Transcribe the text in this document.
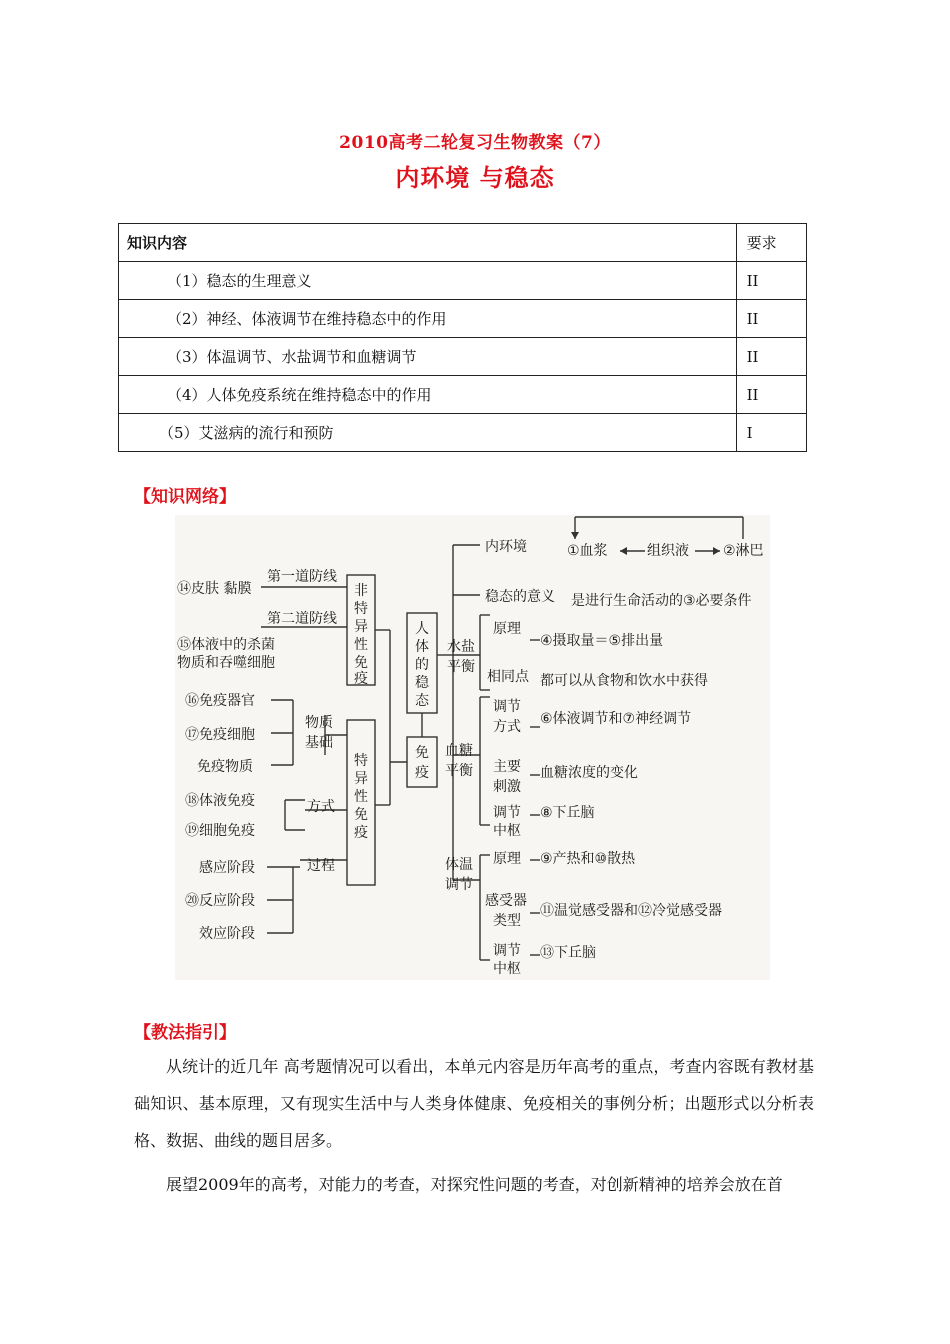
2010高考二轮复习生物教案（7）
内环境 与稳态
知识内容	要求
（1）稳态的生理意义	II
（2）神经、体液调节在维持稳态中的作用	II
（3）体温调节、水盐调节和血糖调节	II
（4）人体免疫系统在维持稳态中的作用	II
（5）艾滋病的流行和预防	I
【知识网络】
人
体
的
稳
态
免
疫
非
特
异
性
免
疫
特
异
性
免
疫
第一道防线
⑭皮肤 黏膜
第二道防线
⑮体液中的杀菌
物质和吞噬细胞
物质
基础
⑯免疫器官
⑰免疫细胞
免疫物质
方式
⑱体液免疫
⑲细胞免疫
过程
感应阶段
⑳反应阶段
效应阶段
内环境	①血浆	组织液 ②淋巴
稳态的意义 是进行生命活动的③必要条件
水盐
平衡
原理
④摄取量＝⑤排出量
相同点 都可以从食物和饮水中获得
血糖
平衡
调节
方式 ⑥体液调节和⑦神经调节
主要
刺激
血糖浓度的变化
调节
中枢
⑧下丘脑
体温
调节
原理 ⑨产热和⑩散热
感受器
类型
⑪温觉感受器和⑫冷觉感受器
调节
中枢
⑬下丘脑
【教法指引】
从统计的近几年 高考题情况可以看出，本单元内容是历年高考的重点，考查内容既有教材基础知识、基本原理，又有现实生活中与人类身体健康、免疫相关的事例分析；出题形式以分析表格、数据、曲线的题目居多。
展望2009年的高考，对能力的考查，对探究性问题的考查，对创新精神的培养会放在首
